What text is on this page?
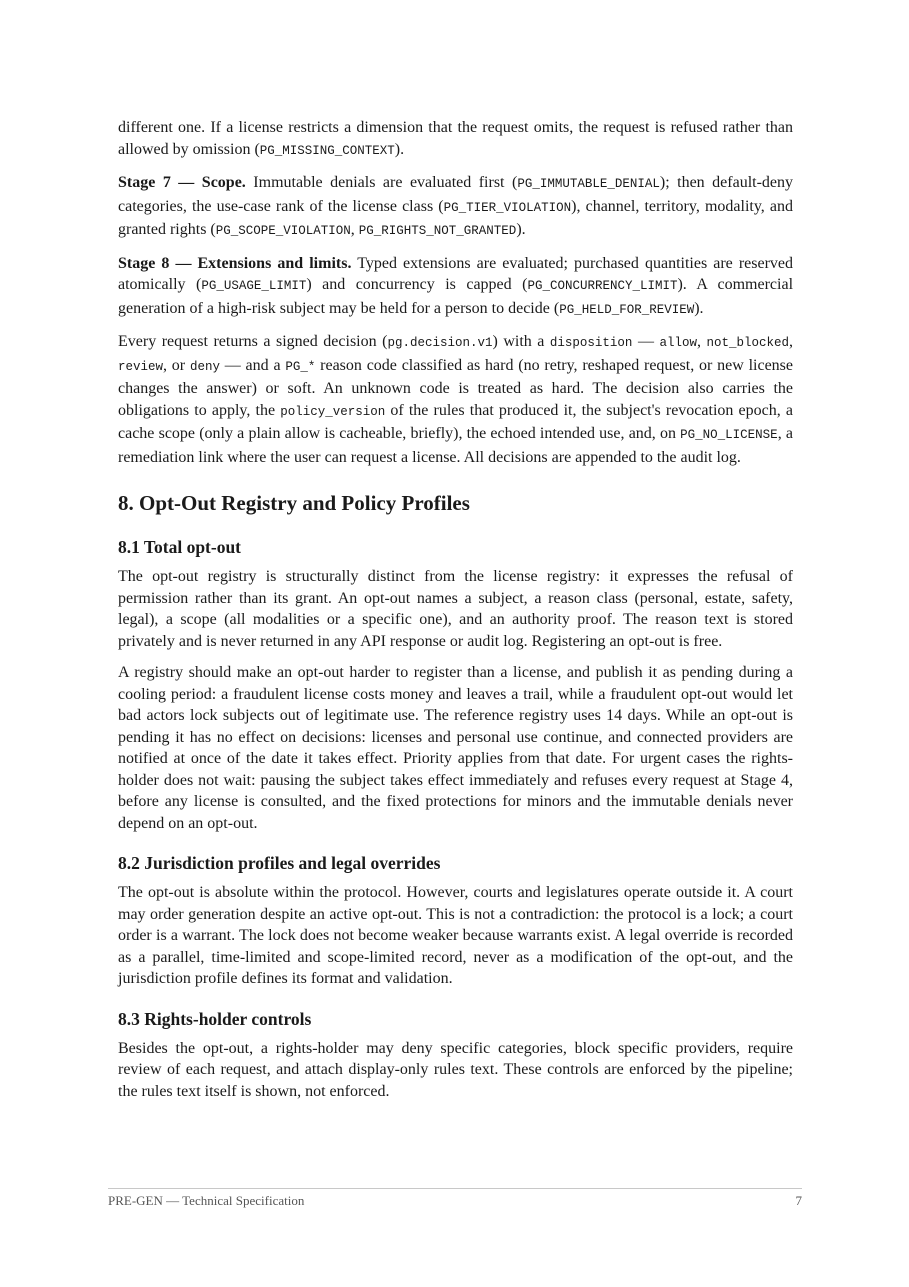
different one. If a license restricts a dimension that the request omits, the request is refused rather than allowed by omission (PG_MISSING_CONTEXT).

Stage 7 — Scope. Immutable denials are evaluated first (PG_IMMUTABLE_DENIAL); then default-deny categories, the use-case rank of the license class (PG_TIER_VIOLATION), channel, territory, modality, and granted rights (PG_SCOPE_VIOLATION, PG_RIGHTS_NOT_GRANTED).

Stage 8 — Extensions and limits. Typed extensions are evaluated; purchased quantities are reserved atomically (PG_USAGE_LIMIT) and concurrency is capped (PG_CONCURRENCY_LIMIT). A commercial generation of a high-risk subject may be held for a person to decide (PG_HELD_FOR_​REVIEW).

Every request returns a signed decision (pg.decision.v1) with a disposition — allow, not_blocked, review, or deny — and a PG_* reason code classified as hard (no retry, reshaped request, or new license changes the answer) or soft. An unknown code is treated as hard. The decision also carries the obligations to apply, the policy_version of the rules that produced it, the subject's revocation epoch, a cache scope (only a plain allow is cacheable, briefly), the echoed intended use, and, on PG_NO_LICENSE, a remediation link where the user can request a license. All decisions are appended to the audit log.

8. Opt-Out Registry and Policy Profiles
8.1 Total opt-out

The opt-out registry is structurally distinct from the license registry: it expresses the refusal of permission rather than its grant. An opt-out names a subject, a reason class (personal, estate, safety, legal), a scope (all modalities or a specific one), and an authority proof. The reason text is stored privately and is never returned in any API response or audit log. Registering an opt-out is free.

A registry should make an opt-out harder to register than a license, and publish it as pending during a cooling period: a fraudulent license costs money and leaves a trail, while a fraudulent opt-out would let bad actors lock subjects out of legitimate use. The reference registry uses 14 days. While an opt-out is pending it has no effect on decisions: licenses and personal use continue, and connected providers are notified at once of the date it takes effect. Priority applies from that date. For urgent cases the rights-holder does not wait: pausing the subject takes effect immediately and refuses every request at Stage 4, before any license is consulted, and the fixed protections for minors and the immutable denials never depend on an opt-out.

8.2 Jurisdiction profiles and legal overrides

The opt-out is absolute within the protocol. However, courts and legislatures operate outside it. A court may order generation despite an active opt-out. This is not a contradiction: the protocol is a lock; a court order is a warrant. The lock does not become weaker because warrants exist. A legal override is recorded as a parallel, time-limited and scope-limited record, never as a modification of the opt-out, and the jurisdiction profile defines its format and validation.

8.3 Rights-holder controls

Besides the opt-out, a rights-holder may deny specific categories, block specific providers, require review of each request, and attach display-only rules text. These controls are enforced by the pipeline; the rules text itself is shown, not enforced.

PRE-GEN — Technical Specification	7
